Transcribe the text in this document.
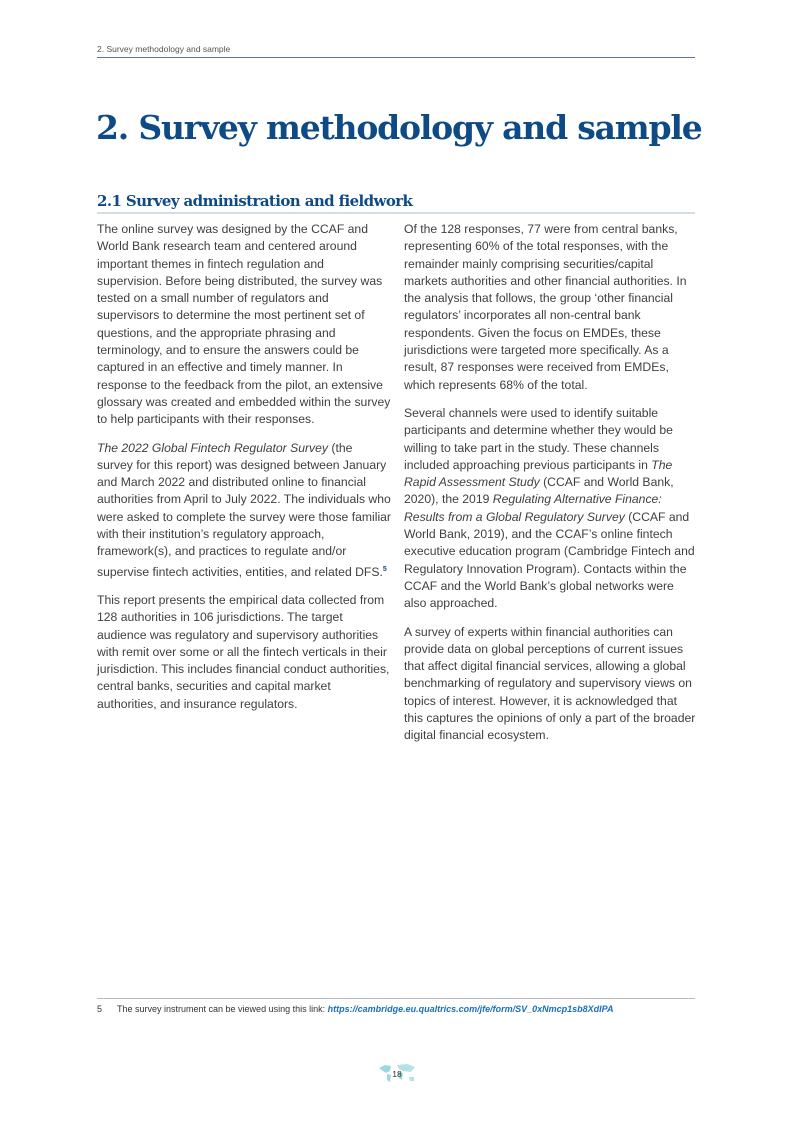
2. Survey methodology and sample
2. Survey methodology and sample
2.1 Survey administration and fieldwork

The online survey was designed by the CCAF and World Bank research team and centered around important themes in fintech regulation and supervision. Before being distributed, the survey was tested on a small number of regulators and supervisors to determine the most pertinent set of questions, and the appropriate phrasing and terminology, and to ensure the answers could be captured in an effective and timely manner. In response to the feedback from the pilot, an extensive glossary was created and embedded within the survey to help participants with their responses.

The 2022 Global Fintech Regulator Survey (the survey for this report) was designed between January and March 2022 and distributed online to financial authorities from April to July 2022. The individuals who were asked to complete the survey were those familiar with their institution’s regulatory approach, framework(s), and practices to regulate and/or supervise fintech activities, entities, and related DFS.$^5$

This report presents the empirical data collected from 128 authorities in 106 jurisdictions. The target audience was regulatory and supervisory authorities with remit over some or all the fintech verticals in their jurisdiction. This includes financial conduct authorities, central banks, securities and capital market authorities, and insurance regulators.

Of the 128 responses, 77 were from central banks, representing 60% of the total responses, with the remainder mainly comprising securities/capital markets authorities and other financial authorities. In the analysis that follows, the group ‘other financial regulators’ incorporates all non-central bank respondents. Given the focus on EMDEs, these jurisdictions were targeted more specifically. As a result, 87 responses were received from EMDEs, which represents 68% of the total.

Several channels were used to identify suitable participants and determine whether they would be willing to take part in the study. These channels included approaching previous participants in The Rapid Assessment Study (CCAF and World Bank, 2020), the 2019 Regulating Alternative Finance: Results from a Global Regulatory Survey (CCAF and World Bank, 2019), and the CCAF’s online fintech executive education program (Cambridge Fintech and Regulatory Innovation Program). Contacts within the CCAF and the World Bank’s global networks were also approached.

A survey of experts within financial authorities can provide data on global perceptions of current issues that affect digital financial services, allowing a global benchmarking of regulatory and supervisory views on topics of interest. However, it is acknowledged that this captures the opinions of only a part of the broader digital financial ecosystem.

5 The survey instrument can be viewed using this link: https://cambridge.eu.qualtrics.com/jfe/form/SV_0xNmcp1sb8XdIPA
18
